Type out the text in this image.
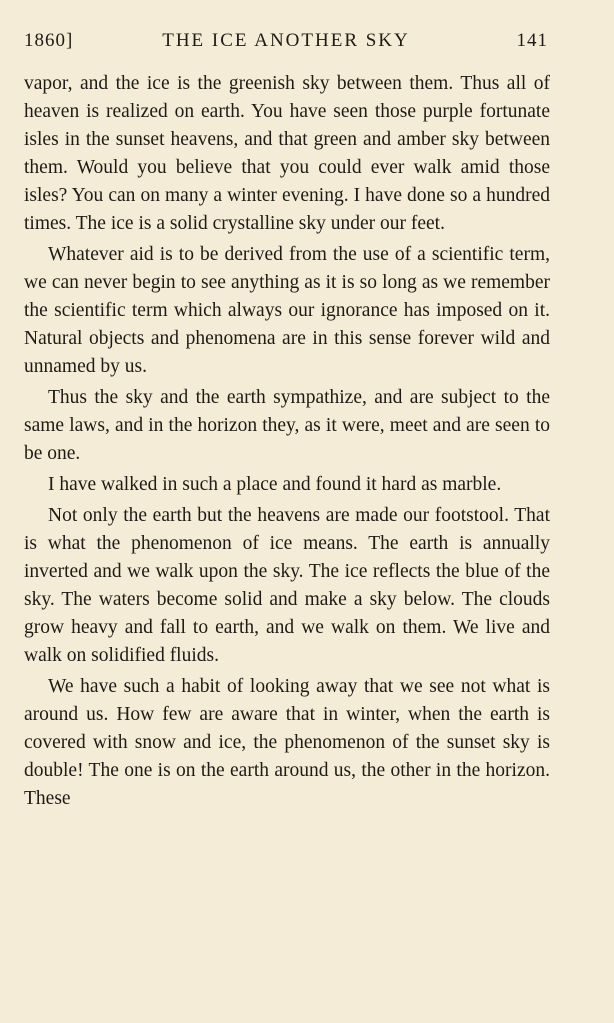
1860]	THE ICE ANOTHER SKY	141

vapor, and the ice is the greenish sky between them. Thus all of heaven is realized on earth. You have seen those purple fortunate isles in the sunset heavens, and that green and amber sky between them. Would you believe that you could ever walk amid those isles? You can on many a winter evening. I have done so a hundred times. The ice is a solid crystalline sky under our feet.

Whatever aid is to be derived from the use of a scientific term, we can never begin to see anything as it is so long as we remember the scientific term which always our ignorance has imposed on it. Natural objects and phenomena are in this sense forever wild and unnamed by us.

Thus the sky and the earth sympathize, and are subject to the same laws, and in the horizon they, as it were, meet and are seen to be one.

I have walked in such a place and found it hard as marble.

Not only the earth but the heavens are made our footstool. That is what the phenomenon of ice means. The earth is annually inverted and we walk upon the sky. The ice reflects the blue of the sky. The waters become solid and make a sky below. The clouds grow heavy and fall to earth, and we walk on them. We live and walk on solidified fluids.

We have such a habit of looking away that we see not what is around us. How few are aware that in winter, when the earth is covered with snow and ice, the phenomenon of the sunset sky is double! The one is on the earth around us, the other in the horizon. These
